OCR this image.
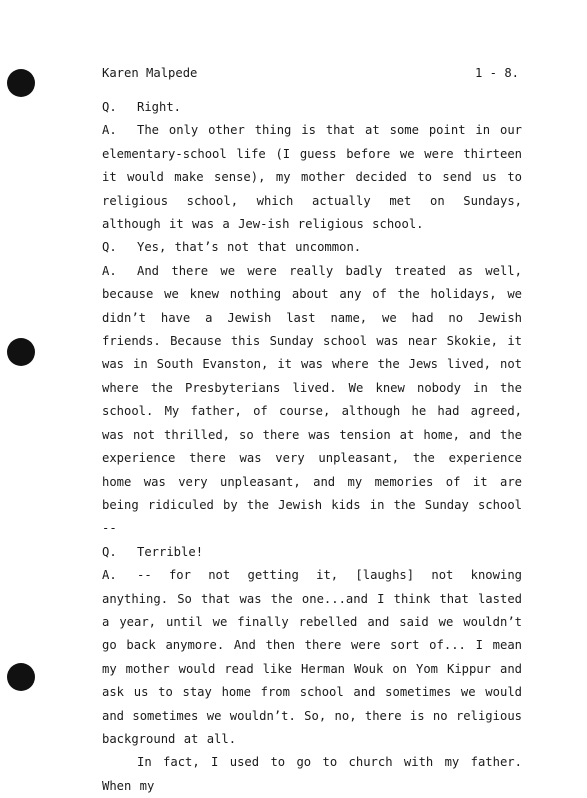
Karen Malpede	1 - 8.

Q. Right.

A. The only other thing is that at some point in our elementary-school life (I guess before we were thirteen it would make sense), my mother decided to send us to religious school, which actually met on Sundays, although it was a Jew-ish religious school.

Q. Yes, that’s not that uncommon.

A. And there we were really badly treated as well, because we knew nothing about any of the holidays, we didn’t have a Jewish last name, we had no Jewish friends. Because this Sunday school was near Skokie, it was in South Evanston, it was where the Jews lived, not where the Presbyterians lived. We knew nobody in the school. My father, of course, although he had agreed, was not thrilled, so there was tension at home, and the experience there was very unpleasant, the experience home was very unpleasant, and my memories of it are being ridiculed by the Jewish kids in the Sunday school --

Q. Terrible!

A. -- for not getting it, [laughs] not knowing anything. So that was the one...and I think that lasted a year, until we finally rebelled and said we wouldn’t go back anymore. And then there were sort of... I mean my mother would read like Herman Wouk on Yom Kippur and ask us to stay home from school and sometimes we would and sometimes we wouldn’t. So, no, there is no religious background at all.

In fact, I used to go to church with my father. When my
